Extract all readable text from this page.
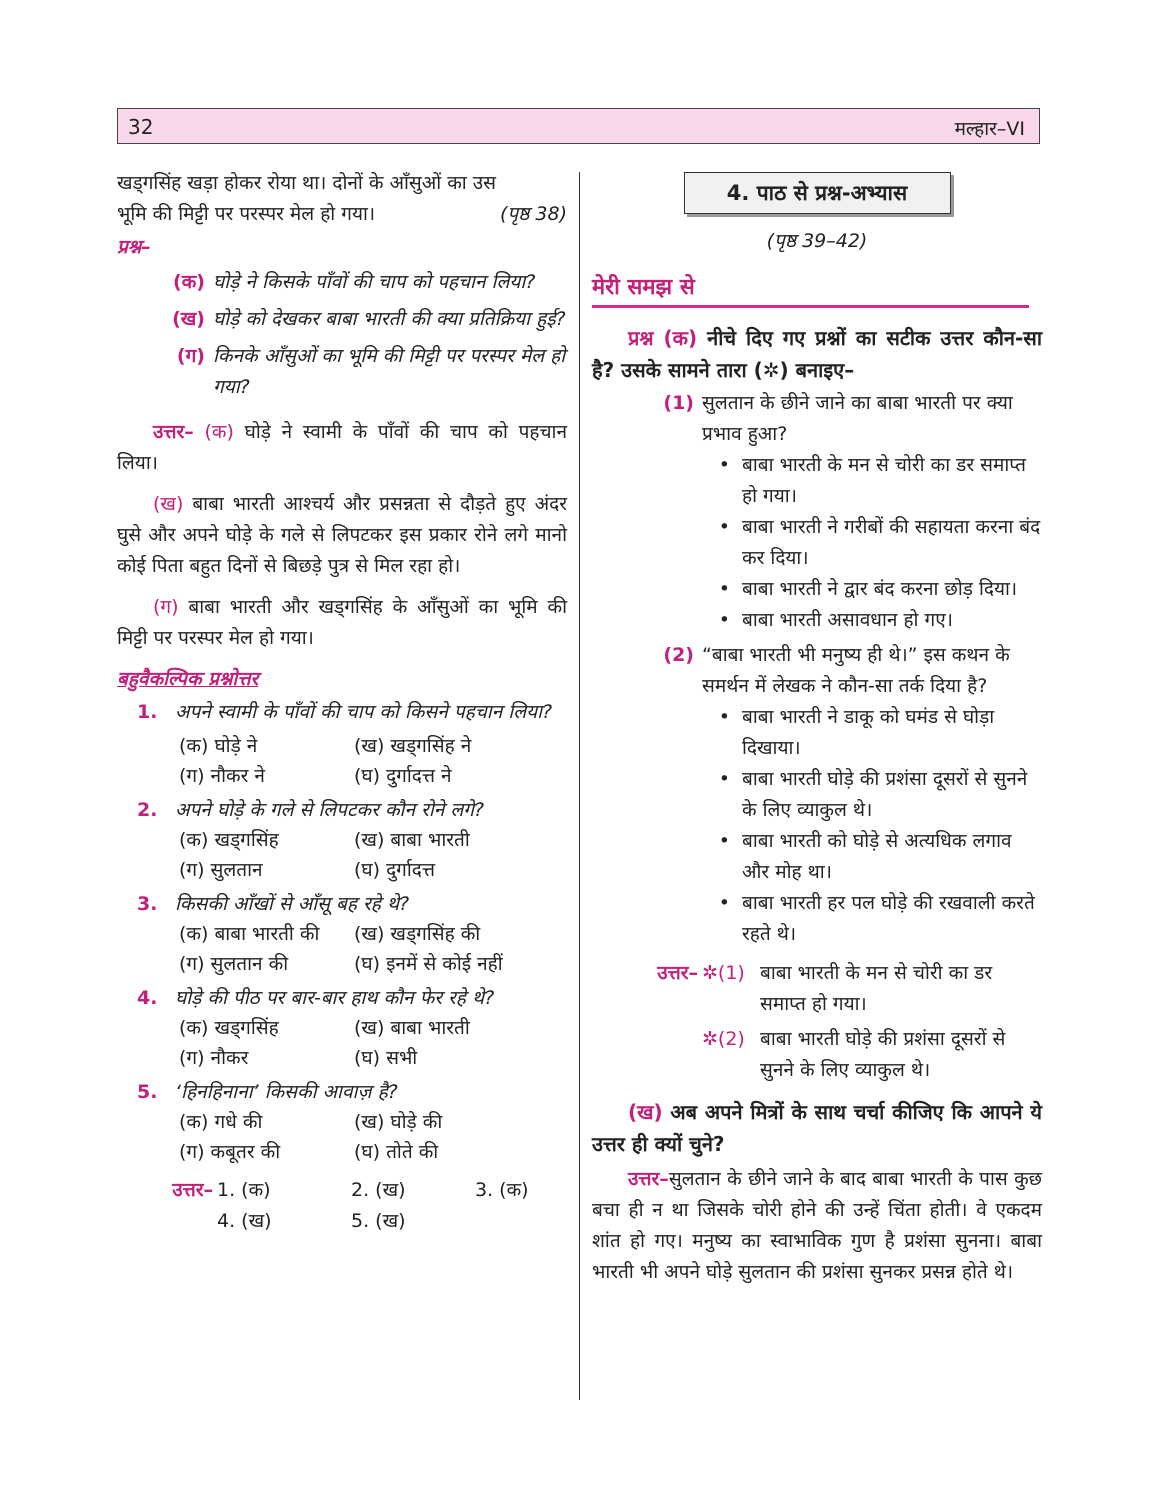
32	मल्हार–VI

खड्गसिंह खड़ा होकर रोया था। दोनों के आँसुओं का उस

भूमि की मिट्टी पर परस्पर मेल हो गया।	(पृष्ठ 38)

प्रश्न–

(क) घोड़े ने किसके पाँवों की चाप को पहचान लिया?
(ख) घोड़े को देखकर बाबा भारती की क्या प्रतिक्रिया हुई?
(ग) किनके आँसुओं का भूमि की मिट्टी पर परस्पर मेल हो गया?

उत्तर– (क) घोड़े ने स्वामी के पाँवों की चाप को पहचान लिया।

(ख) बाबा भारती आश्चर्य और प्रसन्नता से दौड़ते हुए अंदर घुसे और अपने घोड़े के गले से लिपटकर इस प्रकार रोने लगे मानो कोई पिता बहुत दिनों से बिछड़े पुत्र से मिल रहा हो।

(ग) बाबा भारती और खड्गसिंह के आँसुओं का भूमि की मिट्टी पर परस्पर मेल हो गया।

बहुवैकल्पिक प्रश्नोत्तर

1. अपने स्वामी के पाँवों की चाप को किसने पहचान लिया?
(क) घोड़े ने	(ख) खड्गसिंह ने
(ग) नौकर ने	(घ) दुर्गादत्त ने
2. अपने घोड़े के गले से लिपटकर कौन रोने लगे?
(क) खड्गसिंह	(ख) बाबा भारती
(ग) सुलतान	(घ) दुर्गादत्त
3. किसकी आँखों से आँसू बह रहे थे?
(क) बाबा भारती की	(ख) खड्गसिंह की
(ग) सुलतान की	(घ) इनमें से कोई नहीं
4. घोड़े की पीठ पर बार-बार हाथ कौन फेर रहे थे?
(क) खड्गसिंह	(ख) बाबा भारती
(ग) नौकर	(घ) सभी
5. ‘हिनहिनाना’ किसकी आवाज़ है?
(क) गधे की	(ख) घोड़े की
(ग) कबूतर की	(घ) तोते की
उत्तर– 1. (क)	2. (ख)	3. (क)
4. (ख)	5. (ख)
4. पाठ से प्रश्न-अभ्यास

(पृष्ठ 39–42)

मेरी समझ से

प्रश्न (क) नीचे दिए गए प्रश्नों का सटीक उत्तर कौन-सा है? उसके सामने तारा (✲) बनाइए–

(1) सुलतान के छीने जाने का बाबा भारती पर क्या प्रभाव हुआ?
• बाबा भारती के मन से चोरी का डर समाप्त हो गया।
• बाबा भारती ने गरीबों की सहायता करना बंद कर दिया।
• बाबा भारती ने द्वार बंद करना छोड़ दिया।
• बाबा भारती असावधान हो गए।
(2) “बाबा भारती भी मनुष्य ही थे।” इस कथन के समर्थन में लेखक ने कौन-सा तर्क दिया है?
• बाबा भारती ने डाकू को घमंड से घोड़ा दिखाया।
• बाबा भारती घोड़े की प्रशंसा दूसरों से सुनने के लिए व्याकुल थे।
• बाबा भारती को घोड़े से अत्यधिक लगाव और मोह था।
• बाबा भारती हर पल घोड़े की रखवाली करते रहते थे।
उत्तर– ✲(1) बाबा भारती के मन से चोरी का डर समाप्त हो गया।
✲(2) बाबा भारती घोड़े की प्रशंसा दूसरों से सुनने के लिए व्याकुल थे।

(ख) अब अपने मित्रों के साथ चर्चा कीजिए कि आपने ये उत्तर ही क्यों चुने?

उत्तर–सुलतान के छीने जाने के बाद बाबा भारती के पास कुछ बचा ही न था जिसके चोरी होने की उन्हें चिंता होती। वे एकदम शांत हो गए। मनुष्य का स्वाभाविक गुण है प्रशंसा सुनना। बाबा भारती भी अपने घोड़े सुलतान की प्रशंसा सुनकर प्रसन्न होते थे।
